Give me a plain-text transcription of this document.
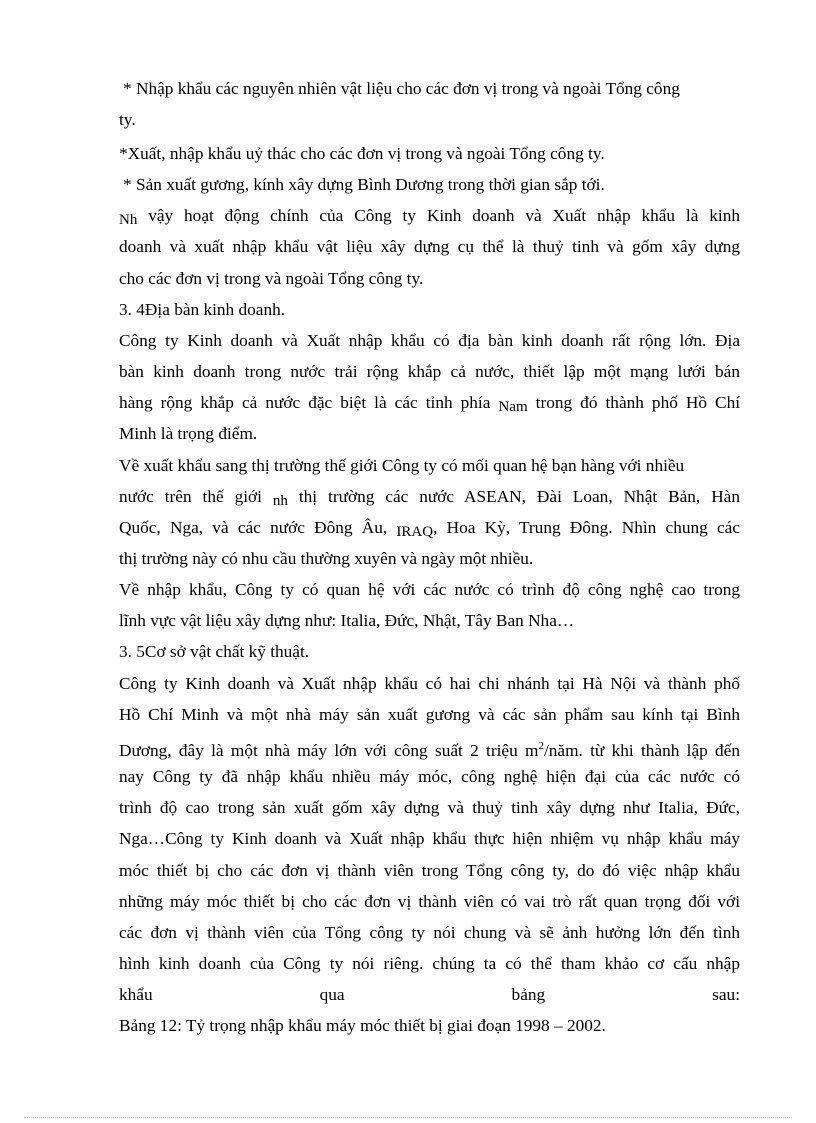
* Nhập khẩu các nguyên nhiên vật liệu cho các đơn vị trong và ngoài Tổng công
ty.
*Xuất, nhập khẩu uỷ thác cho các đơn vị trong và ngoài Tổng công ty.
* Sản xuất gương, kính xây dựng Bình Dương trong thời gian sắp tới.
Nh vậy hoạt động chính của Công ty Kinh doanh và Xuất nhập khẩu là kinh
doanh và xuất nhập khẩu vật liệu xây dựng cụ thể là thuỷ tinh và gốm xây dựng
cho các đơn vị trong và ngoài Tổng công ty.
3. 4Địa bàn kinh doanh.
Công ty Kinh doanh và Xuất nhập khẩu có địa bàn kinh doanh rất rộng lớn. Địa
bàn kinh doanh trong nước trải rộng khắp cả nước, thiết lập một mạng lưới bán
hàng rộng khắp cả nước đặc biệt là các tỉnh phía Nam trong đó thành phố Hồ Chí
Minh là trọng điểm.
Về xuất khẩu sang thị trường thế giới Công ty có mối quan hệ bạn hàng với nhiều
nước trên thế giới nh thị trường các nước ASEAN, Đài Loan, Nhật Bản, Hàn
Quốc, Nga, và các nước Đông Âu, IRAQ, Hoa Kỳ, Trung Đông. Nhìn chung các
thị trường này có nhu cầu thường xuyên và ngày một nhiều.
Về nhập khẩu, Công ty có quan hệ với các nước có trình độ công nghệ cao trong
lĩnh vực vật liệu xây dựng như: Italia, Đức, Nhật, Tây Ban Nha…
3. 5Cơ sở vật chất kỹ thuật.
Công ty Kinh doanh và Xuất nhập khẩu có hai chi nhánh tại Hà Nội và thành phố
Hồ Chí Minh và một nhà máy sản xuất gương và các sản phẩm sau kính tại Bình
Dương, đây là một nhà máy lớn với công suất 2 triệu $m^2$/năm. từ khi thành lập đến
nay Công ty đã nhập khẩu nhiều máy móc, công nghệ hiện đại của các nước có
trình độ cao trong sản xuất gốm xây dựng và thuỷ tinh xây dựng như Italia, Đức,
Nga…Công ty Kinh doanh và Xuất nhập khẩu thực hiện nhiệm vụ nhập khẩu máy
móc thiết bị cho các đơn vị thành viên trong Tổng công ty, do đó việc nhập khẩu
những máy móc thiết bị cho các đơn vị thành viên có vai trò rất quan trọng đối với
các đơn vị thành viên của Tổng công ty nói chung và sẽ ảnh hưởng lớn đến tình
hình kinh doanh của Công ty nói riêng. chúng ta có thể tham khảo cơ cấu nhập
khẩu qua bảng sau:
Bảng 12: Tỷ trọng nhập khẩu máy móc thiết bị giai đoạn 1998 – 2002.
